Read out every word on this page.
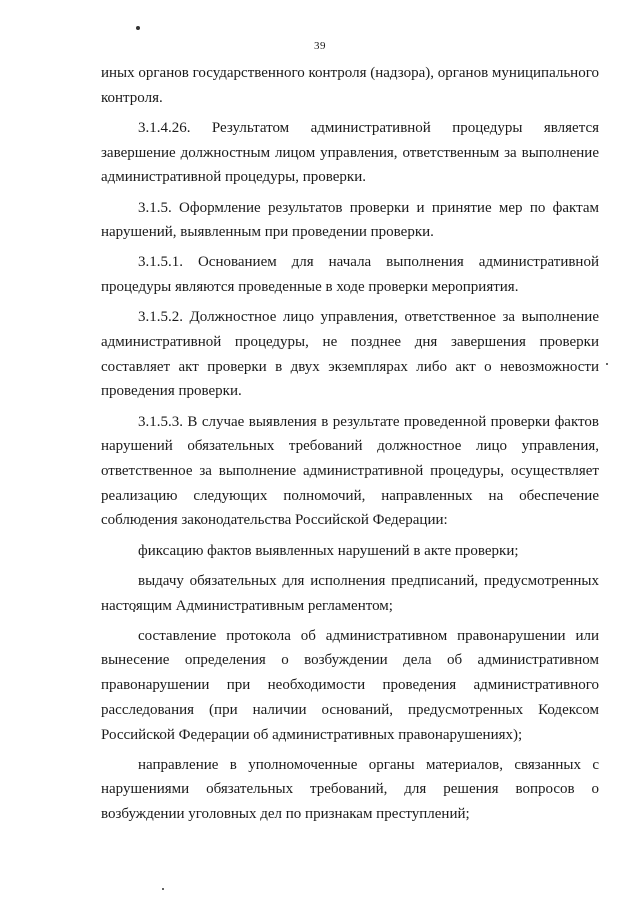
39

иных органов государственного контроля (надзора), органов муниципального контроля.

3.1.4.26. Результатом административной процедуры является завершение должностным лицом управления, ответственным за выполнение административной процедуры, проверки.

3.1.5. Оформление результатов проверки и принятие мер по фактам нарушений, выявленным при проведении проверки.

3.1.5.1. Основанием для начала выполнения административной процедуры являются проведенные в ходе проверки мероприятия.

3.1.5.2. Должностное лицо управления, ответственное за выполнение административной процедуры, не позднее дня завершения проверки составляет акт проверки в двух экземплярах либо акт о невозможности проведения проверки.

3.1.5.3. В случае выявления в результате проведенной проверки фактов нарушений обязательных требований должностное лицо управления, ответственное за выполнение административной процедуры, осуществляет реализацию следующих полномочий, направленных на обеспечение соблюдения законодательства Российской Федерации:

фиксацию фактов выявленных нарушений в акте проверки;

выдачу обязательных для исполнения предписаний, предусмотренных настоящим Административным регламентом;

составление протокола об административном правонарушении или вынесение определения о возбуждении дела об административном правонарушении при необходимости проведения административного расследования (при наличии оснований, предусмотренных Кодексом Российской Федерации об административных правонарушениях);

направление в уполномоченные органы материалов, связанных с нарушениями обязательных требований, для решения вопросов о возбуждении уголовных дел по признакам преступлений;
